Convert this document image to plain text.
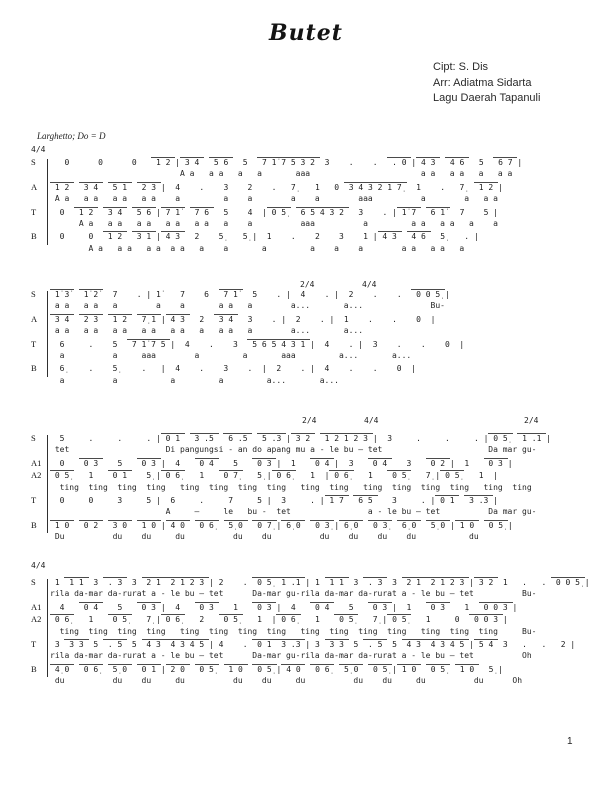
Butet
Cipt: S. Dis
Arr: Adiatma Sidarta
Lagu Daerah Tapanuli
Larghetto; Do = D
4/4
2/4	4/4
2/4	4/4	2/4
4/4
S   0      0      0    1 2 | 3 4   5 6   5   7 1̇ 7 5 3 2  3    .    .   . 0 | 4 3   4 6   5   6 7 |
A a   a a   a   a       aaa                       a a   a a   a   a a
A 1 2   3 4   5 1   2 3 |  4    .    3    2    .   7̣    1   0  3 4 3 2 1 7̣   1    .   7̣   1 2 |
A a   a a   a a   a a    a         a    a        a    a        aaa          a        a   a a
T  0   1 2   3 4   5 6 | 7 1̇   7 6   5    4  | 0 5̣   6 5 4 3 2   3    . | 1̇ 7   6 1̇   7    5 |
A a   a a   a a   a a   a a   a    a          aaa          a         a a   a a   a    a
B  0     0   1 2   3 1 | 4 3   2    5̣    5̣ |  1    .    2    3    1 | 4 3   4 6   5̣    . |
A a   a a   a a  a a   a    a       a         a    a    a        a a   a a   a
S 1̇ 3̇   1̇ 2̇   7    . | 1̇    7    6   7 1̇   5    . |  4    . |  2    .    .   0 0 5̣ |
a a   a a   a        a    a       a a   a        a...       a...              Bu-
A 3 4   2 3   1 2   7̣ 1 | 4 3   2   3 4   3    . |  2    . |  1    .    .    0  |
a a   a a   a a   a a   a a   a   a a   a        a...       a...
T  6     .    5   7 1̇ 7 5 |  4    .    3   5 6 5 4 3 1 |  4    . |  3    .    .    0  |
a          a     aaa        a         a       aaa         a...       a...
B  6̣     .    5̣     .   |  4    .    3    .  |  2    . |  4    .    .    0  |
a          a           a         a         a...       a...
S  5     .     .     . | 0 1   3 .5   6 .5   5 .3 | 3 2   1 2 1 2 3 |  3     .     .     . | 0 5̣   1 .1 |
tet                    Di pangungsi - an do apang mu a - le bu – tet                      Da mar gu-
A1  0    0 3    5    0 3 |  4    0 4    5    0 3 |  1    0 4 |  3    0 4    3    0 2 |  1    0 3 |
A2 0 5̣    1    0 1    5̣ | 0 6̣    1    0 7̣    5̣ | 0 6̣    1  | 0 6̣    1    0 5̣    7̣ | 0 5̣    1  |
ting  ting  ting  ting   ting  ting  ting  ting   ting  ting   ting  ting  ting  ting   ting  ting
T  0     0     3     5 |  6     .     7     5 |  3     . | 1 7   6 5    3     . | 0 1   3 .3 |
A     —     le   bu -  tet                a - le bu – tet          Da mar gu-
B 1 0   0 2   3 0   1 0 | 4 0   0 6̣   5̣ 0   0 7̣ | 6̣ 0   0 3̣ | 6̣ 0   0 3̣   6̣ 0   5̣ 0 | 1 0   0 5̣ |
Du          du    du     du          du    du          du    du    du    du           du
S 1  1 1  3  . 3  3  2 1  2 1 2 3 | 2    .  0 5̣  1 .1 | 1  1 1  3  . 3  3  2 1  2 1 2 3 | 3 2  1   .   .  0 0 5̣ |
rila da-mar da-rurat a - le bu – tet      Da-mar gu-rila da-mar da-rurat a - le bu – tet          Bu-
A1  4    0 4    5    0 3 |  4    0 3    1    0 3 |  4    0 4    5    0 3 |  1    0 3    1   0 0 3 |
A2 0 6̣    1    0 5̣    7̣ | 0 6̣    2    0 5̣    1  | 0 6̣    1    0 5̣    7̣ | 0 5̣    1     0   0 0 3 |
ting  ting  ting  ting   ting  ting  ting  ting   ting  ting  ting  ting   ting  ting  ting     Bu-
T 3  3 3  5  . 5  5  4 3  4 3 4 5 | 4    .  0 1  3 .3 | 3  3 3  5  . 5  5  4 3  4 3 4 5 | 5 4  3   .   .   2 |
rila da-mar da-rurat a - le bu – tet      Da-mar gu-rila da-mar da-rurat a - le bu – tet          Oh
B 4̣ 0   0 6̣   5̣ 0   0 1 | 2 0   0 5̣   1 0   0 5̣ | 4 0   0 6̣   5̣ 0   0 5̣ | 1 0   0 5̣   1 0   5̣ |
du          du    du     du          du    du     du          du    du     du          du      Oh
1
